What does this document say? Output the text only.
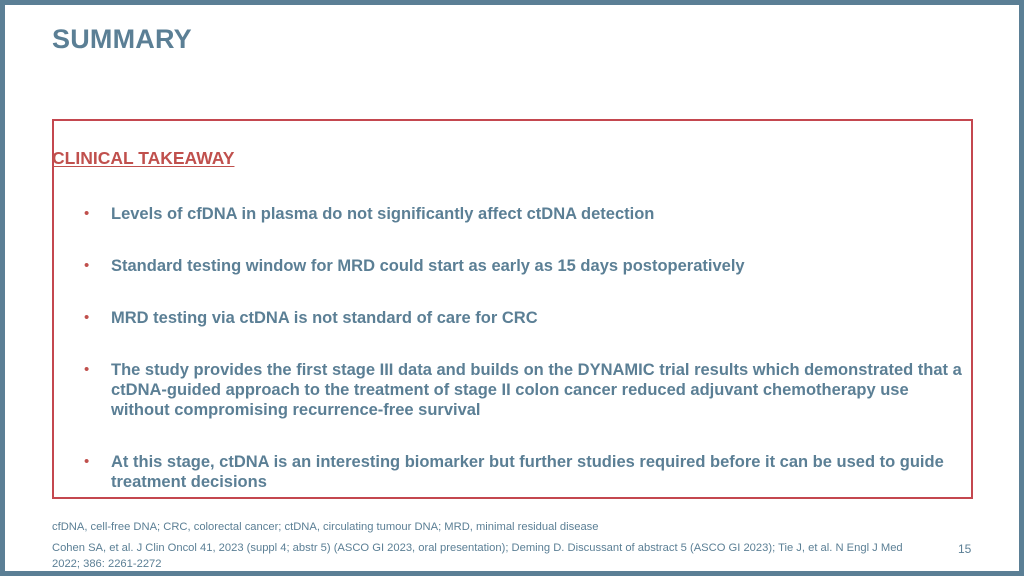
SUMMARY
CLINICAL TAKEAWAY
•	Levels of cfDNA in plasma do not significantly affect ctDNA detection
•	Standard testing window for MRD could start as early as 15 days postoperatively
•	MRD testing via ctDNA is not standard of care for CRC
•	The study provides the first stage III data and builds on the DYNAMIC trial results which demonstrated that a ctDNA-guided approach to the treatment of stage II colon cancer reduced adjuvant chemotherapy use without compromising recurrence-free survival
•	At this stage, ctDNA is an interesting biomarker but further studies required before it can be used to guide treatment decisions
cfDNA, cell-free DNA; CRC, colorectal cancer; ctDNA, circulating tumour DNA; MRD, minimal residual disease
Cohen SA, et al. J Clin Oncol 41, 2023 (suppl 4; abstr 5) (ASCO GI 2023, oral presentation); Deming D. Discussant of abstract 5 (ASCO GI 2023); Tie J, et al. N Engl J Med 2022; 386: 2261-2272
15
